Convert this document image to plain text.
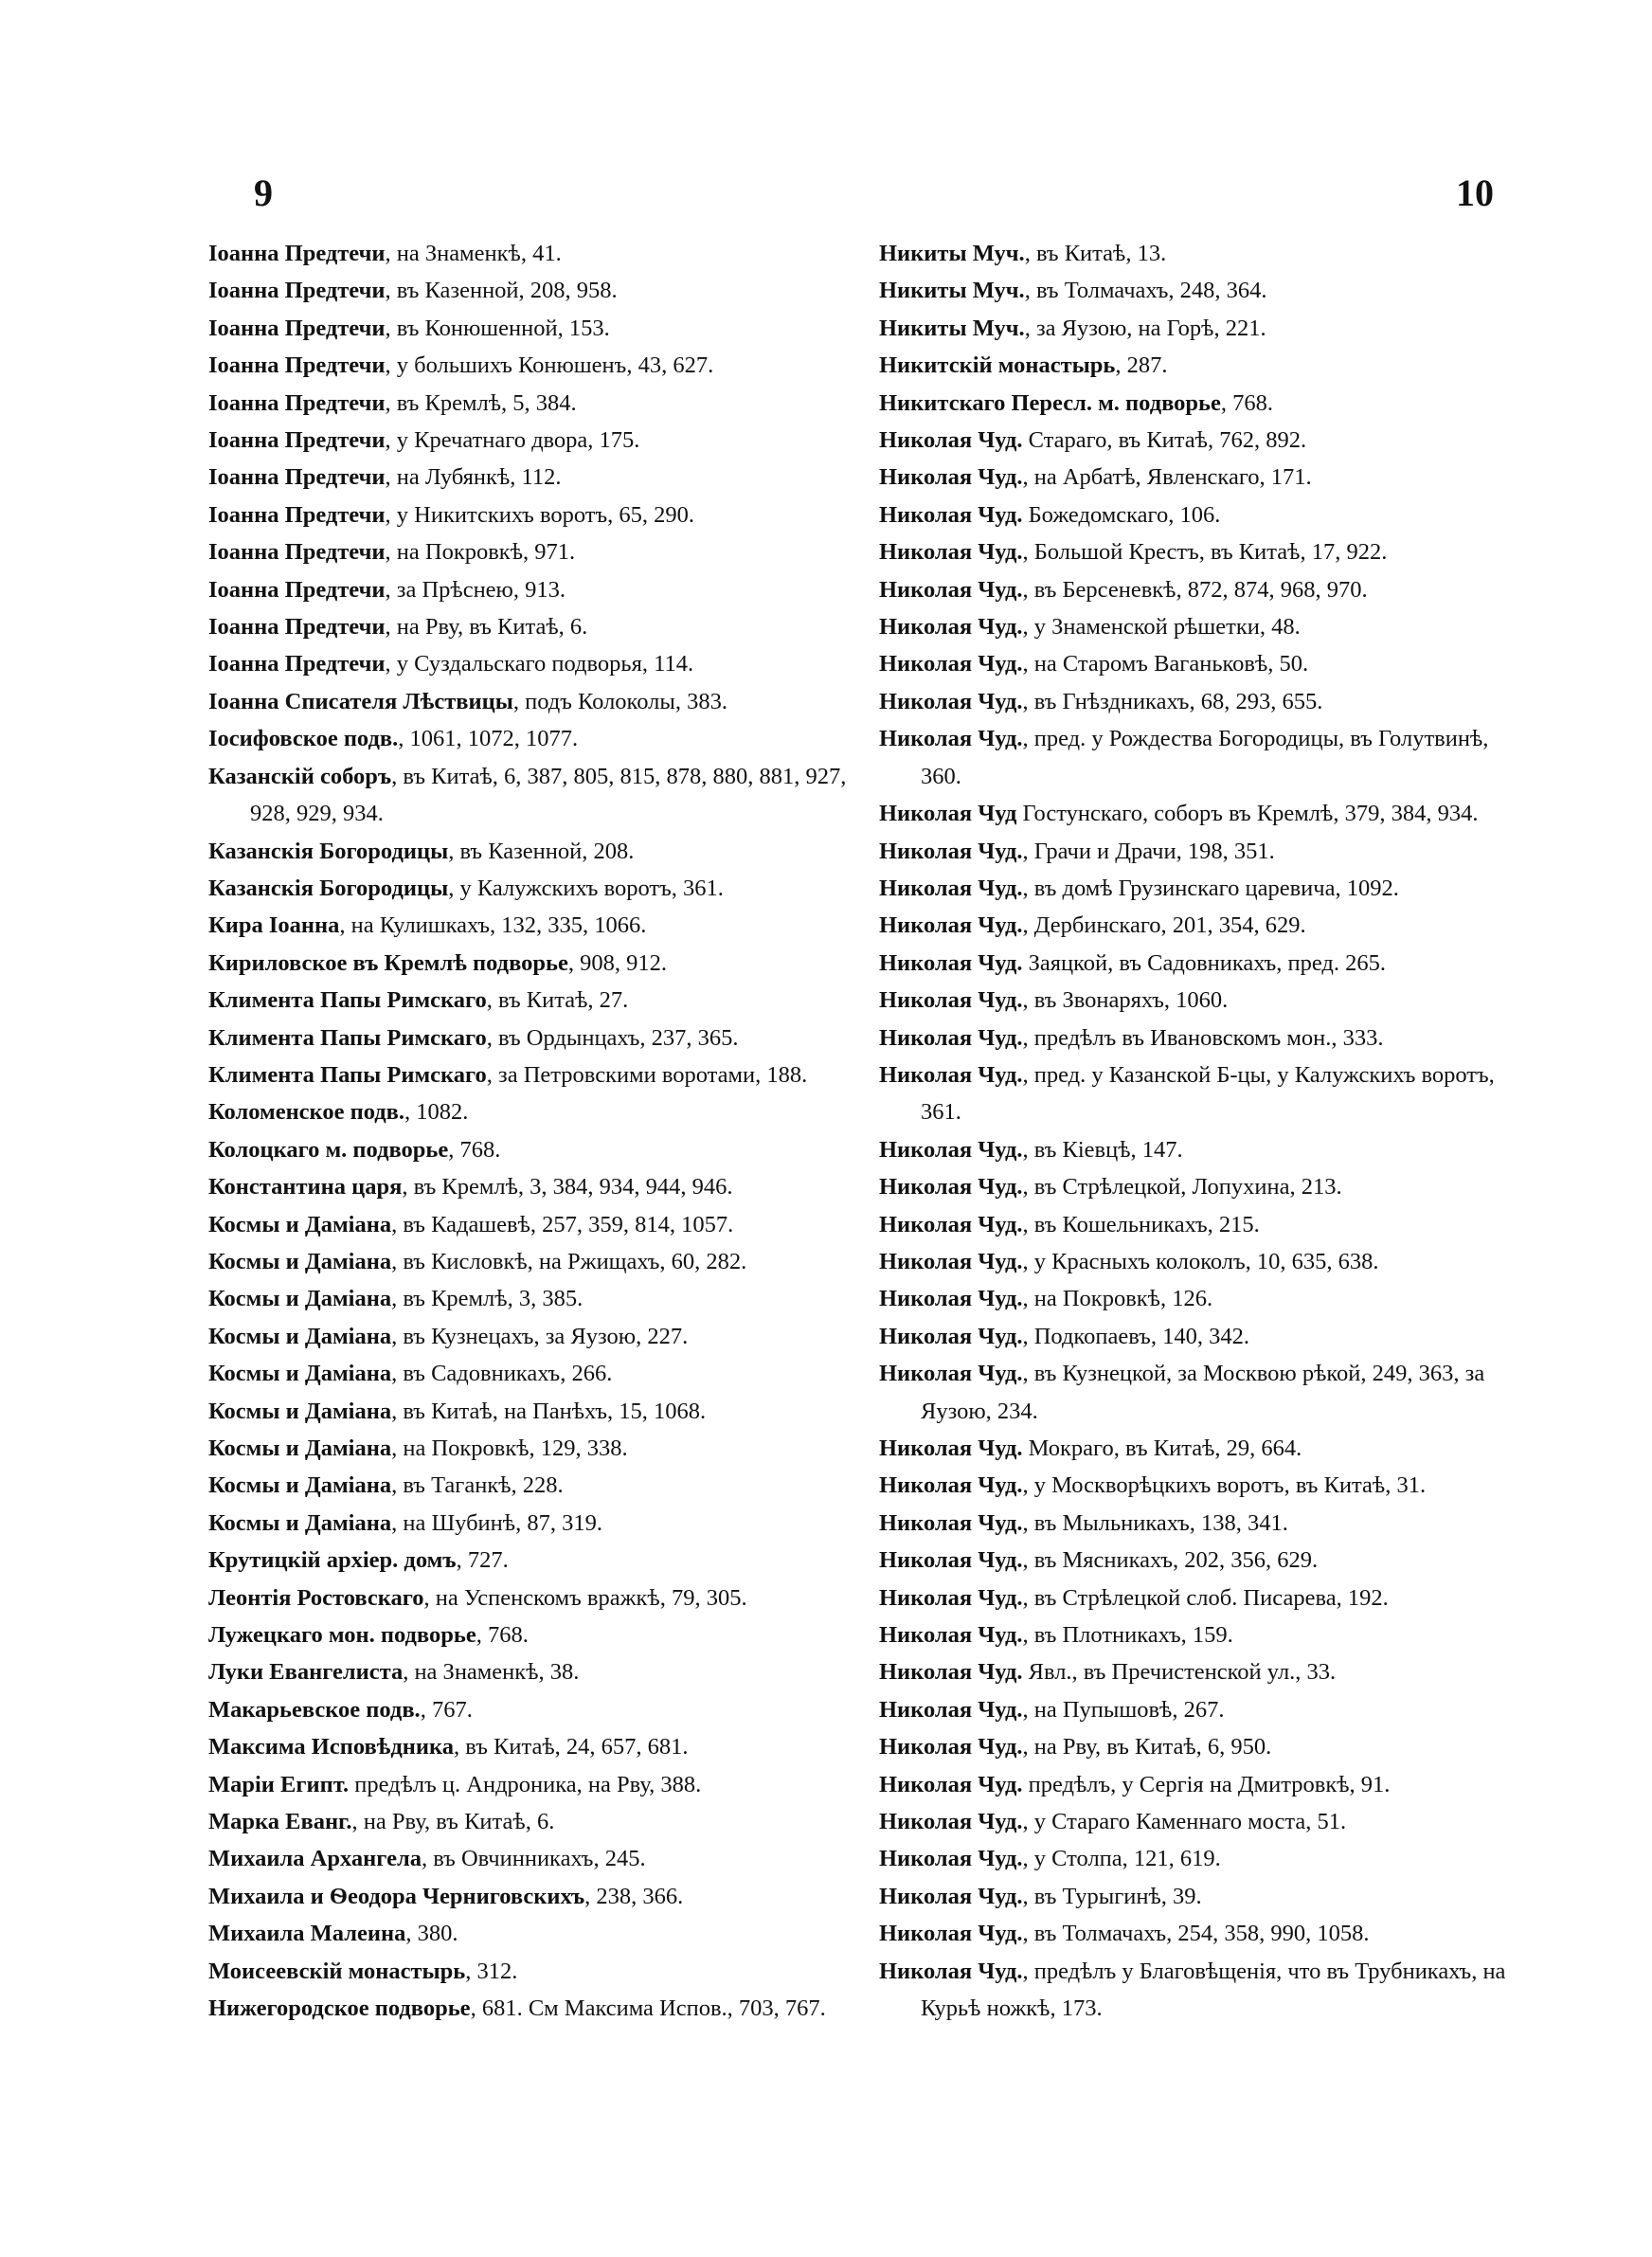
9	10
Іоанна Предтечи, на Знаменкѣ, 41.
Іоанна Предтечи, въ Казенной, 208, 958.
Іоанна Предтечи, въ Конюшенной, 153.
Іоанна Предтечи, у большихъ Конюшенъ, 43, 627.
Іоанна Предтечи, въ Кремлѣ, 5, 384.
Іоанна Предтечи, у Кречатнаго двора, 175.
Іоанна Предтечи, на Лубянкѣ, 112.
Іоанна Предтечи, у Никитскихъ воротъ, 65, 290.
Іоанна Предтечи, на Покровкѣ, 971.
Іоанна Предтечи, за Прѣснею, 913.
Іоанна Предтечи, на Рву, въ Китаѣ, 6.
Іоанна Предтечи, у Суздальскаго подворья, 114.
Іоанна Списателя Лѣствицы, подъ Колоколы, 383.
Іосифовское подв., 1061, 1072, 1077.
Казанскій соборъ, въ Китаѣ, 6, 387, 805, 815, 878, 880, 881, 927, 928, 929, 934.
Казанскія Богородицы, въ Казенной, 208.
Казанскія Богородицы, у Калужскихъ воротъ, 361.
Кира Іоанна, на Кулишкахъ, 132, 335, 1066.
Кириловское въ Кремлѣ подворье, 908, 912.
Климента Папы Римскаго, въ Китаѣ, 27.
Климента Папы Римскаго, въ Ордынцахъ, 237, 365.
Климента Папы Римскаго, за Петровскими воротами, 188.
Коломенское подв., 1082.
Колоцкаго м. подворье, 768.
Константина царя, въ Кремлѣ, 3, 384, 934, 944, 946.
Космы и Даміана, въ Кадашевѣ, 257, 359, 814, 1057.
Космы и Даміана, въ Кисловкѣ, на Ржищахъ, 60, 282.
Космы и Даміана, въ Кремлѣ, 3, 385.
Космы и Даміана, въ Кузнецахъ, за Яузою, 227.
Космы и Даміана, въ Садовникахъ, 266.
Космы и Даміана, въ Китаѣ, на Панѣхъ, 15, 1068.
Космы и Даміана, на Покровкѣ, 129, 338.
Космы и Даміана, въ Таганкѣ, 228.
Космы и Даміана, на Шубинѣ, 87, 319.
Крутицкій архіер. домъ, 727.
Леонтія Ростовскаго, на Успенскомъ вражкѣ, 79, 305.
Лужецкаго мон. подворье, 768.
Луки Евангелиста, на Знаменкѣ, 38.
Макарьевское подв., 767.
Максима Исповѣдника, въ Китаѣ, 24, 657, 681.
Маріи Египт. предѣлъ ц. Андроника, на Рву, 388.
Марка Еванг., на Рву, въ Китаѣ, 6.
Михаила Архангела, въ Овчинникахъ, 245.
Михаила и Ѳеодора Черниговскихъ, 238, 366.
Михаила Малеина, 380.
Моисеевскій монастырь, 312.
Нижегородское подворье, 681. См Максима Испов., 703, 767.
Никиты Муч., въ Китаѣ, 13.
Никиты Муч., въ Толмачахъ, 248, 364.
Никиты Муч., за Яузою, на Горѣ, 221.
Никитскій монастырь, 287.
Никитскаго Пересл. м. подворье, 768.
Николая Чуд. Стараго, въ Китаѣ, 762, 892.
Николая Чуд., на Арбатѣ, Явленскаго, 171.
Николая Чуд. Божедомскаго, 106.
Николая Чуд., Большой Крестъ, въ Китаѣ, 17, 922.
Николая Чуд., въ Берсеневкѣ, 872, 874, 968, 970.
Николая Чуд., у Знаменской рѣшетки, 48.
Николая Чуд., на Старомъ Ваганьковѣ, 50.
Николая Чуд., въ Гнѣздникахъ, 68, 293, 655.
Николая Чуд., пред. у Рождества Богородицы, въ Голутвинѣ, 360.
Николая Чуд Гостунскаго, соборъ въ Кремлѣ, 379, 384, 934.
Николая Чуд., Грачи и Драчи, 198, 351.
Николая Чуд., въ домѣ Грузинскаго царевича, 1092.
Николая Чуд., Дербинскаго, 201, 354, 629.
Николая Чуд. Заяцкой, въ Садовникахъ, пред. 265.
Николая Чуд., въ Звонаряхъ, 1060.
Николая Чуд., предѣлъ въ Ивановскомъ мон., 333.
Николая Чуд., пред. у Казанской Б-цы, у Калужскихъ воротъ, 361.
Николая Чуд., въ Кіевцѣ, 147.
Николая Чуд., въ Стрѣлецкой, Лопухина, 213.
Николая Чуд., въ Кошельникахъ, 215.
Николая Чуд., у Красныхъ колоколъ, 10, 635, 638.
Николая Чуд., на Покровкѣ, 126.
Николая Чуд., Подкопаевъ, 140, 342.
Николая Чуд., въ Кузнецкой, за Москвою рѣкой, 249, 363, за Яузою, 234.
Николая Чуд. Мокраго, въ Китаѣ, 29, 664.
Николая Чуд., у Москворѣцкихъ воротъ, въ Китаѣ, 31.
Николая Чуд., въ Мыльникахъ, 138, 341.
Николая Чуд., въ Мясникахъ, 202, 356, 629.
Николая Чуд., въ Стрѣлецкой слоб. Писарева, 192.
Николая Чуд., въ Плотникахъ, 159.
Николая Чуд. Явл., въ Пречистенской ул., 33.
Николая Чуд., на Пупышовѣ, 267.
Николая Чуд., на Рву, въ Китаѣ, 6, 950.
Николая Чуд. предѣлъ, у Сергія на Дмитровкѣ, 91.
Николая Чуд., у Стараго Каменнаго моста, 51.
Николая Чуд., у Столпа, 121, 619.
Николая Чуд., въ Турыгинѣ, 39.
Николая Чуд., въ Толмачахъ, 254, 358, 990, 1058.
Николая Чуд., предѣлъ у Благовѣщенія, что въ Трубникахъ, на Курьѣ ножкѣ, 173.
